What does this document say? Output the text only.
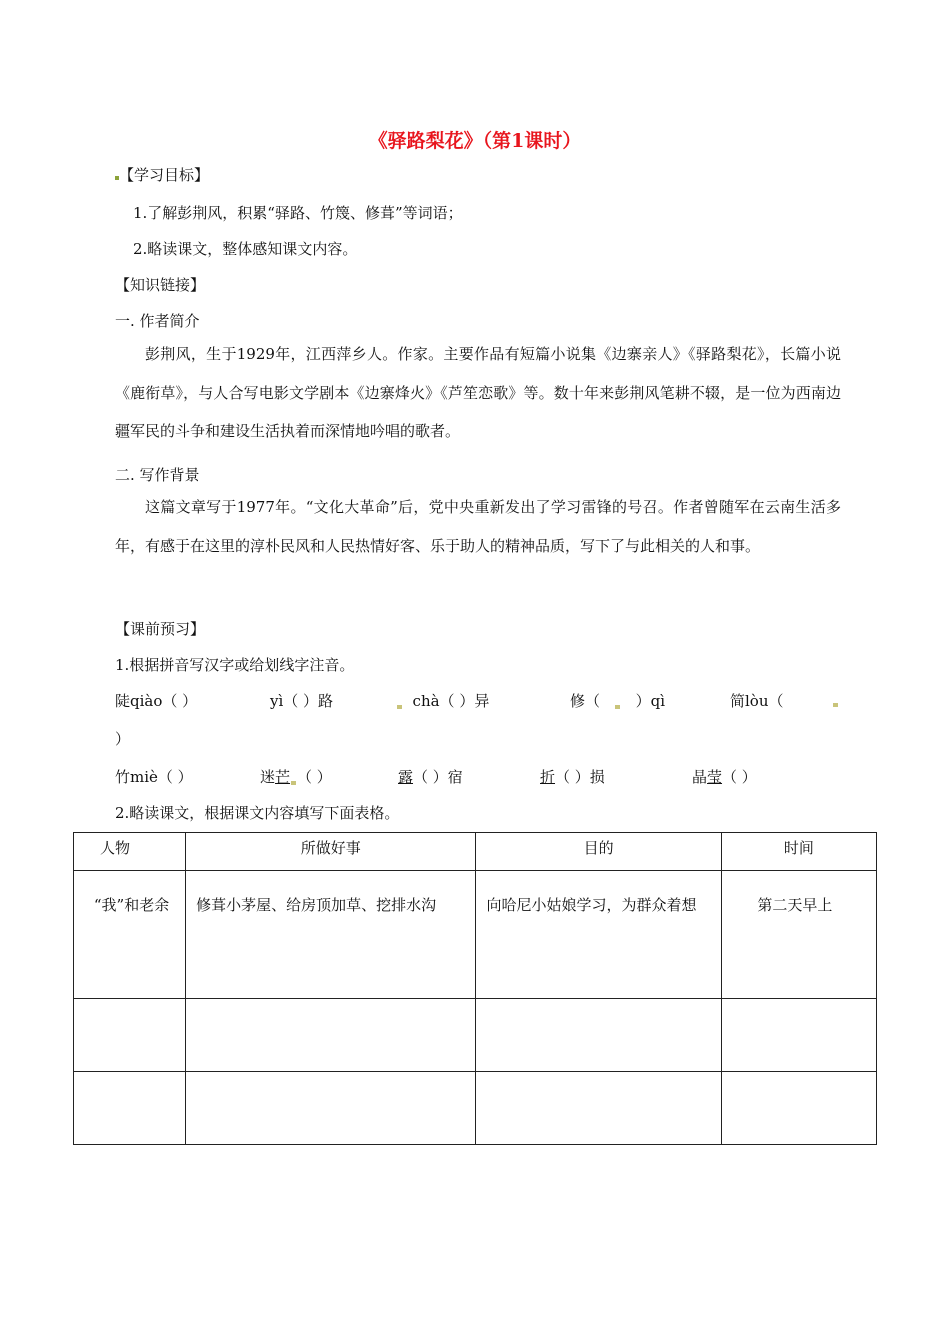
《驿路梨花》（第1课时）
【学习目标】
1.了解彭荆风，积累“驿路、竹篾、修葺”等词语；
2.略读课文，整体感知课文内容。
【知识链接】
一. 作者简介
彭荆风，生于1929年，江西萍乡人。作家。主要作品有短篇小说集《边寨亲人》《驿路梨花》，长篇小说《鹿衔草》，与人合写电影文学剧本《边寨烽火》《芦笙恋歌》等。数十年来彭荆风笔耕不辍，是一位为西南边疆军民的斗争和建设生活执着而深情地吟唱的歌者。
二. 写作背景
这篇文章写于1977年。“文化大革命”后，党中央重新发出了学习雷锋的号召。作者曾随军在云南生活多年，有感于在这里的淳朴民风和人民热情好客、乐于助人的精神品质，写下了与此相关的人和事。
【课前预习】
1.根据拼音写汉字或给划线字注音。
陡qiào（ ）	yì（ ）路	chà（ ）异	修（ ）qì	简lòu（
）
竹miè（ ）	迷芒 （ ）	露（ ）宿	折（ ）损	晶莹（ ）
2.略读课文，根据课文内容填写下面表格。
人物	所做好事	目的	时间
“我”和老余	修葺小茅屋、给房顶加草、挖排水沟	向哈尼小姑娘学习，为群众着想	第二天早上
